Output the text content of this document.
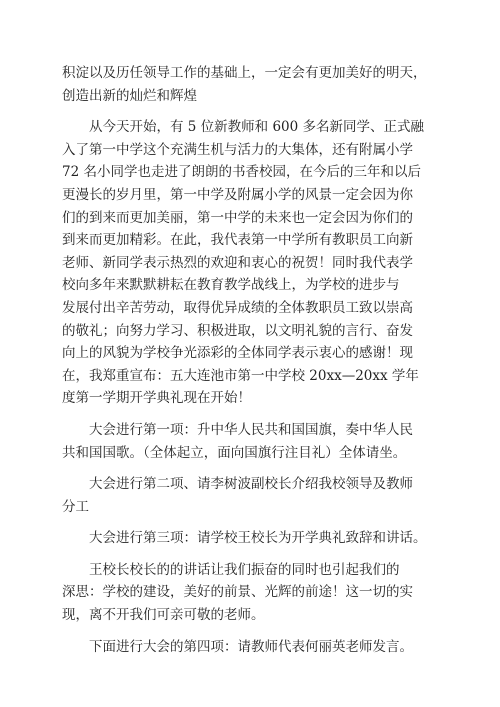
积淀以及历任领导工作的基础上，一定会有更加美好的明天，
创造出新的灿烂和辉煌

从今天开始，有 5 位新教师和 600 多名新同学、正式融
入了第一中学这个充满生机与活力的大集体，还有附属小学
72 名小同学也走进了朗朗的书香校园，在今后的三年和以后
更漫长的岁月里，第一中学及附属小学的风景一定会因为你
们的到来而更加美丽，第一中学的未来也一定会因为你们的
到来而更加精彩。在此，我代表第一中学所有教职员工向新
老师、新同学表示热烈的欢迎和衷心的祝贺！同时我代表学
校向多年来默默耕耘在教育教学战线上，为学校的进步与
发展付出辛苦劳动，取得优异成绩的全体教职员工致以崇高
的敬礼；向努力学习、积极进取，以文明礼貌的言行、奋发
向上的风貌为学校争光添彩的全体同学表示衷心的感谢！现
在，我郑重宣布：五大连池市第一中学校 20xx—20xx 学年
度第一学期开学典礼现在开始！

大会进行第一项：升中华人民共和国国旗，奏中华人民
共和国国歌。（全体起立，面向国旗行注目礼）全体请坐。

大会进行第二项、请李树波副校长介绍我校领导及教师
分工

大会进行第三项：请学校王校长为开学典礼致辞和讲话。

王校长校长的的讲话让我们振奋的同时也引起我们的
深思：学校的建设，美好的前景、光辉的前途！这一切的实
现，离不开我们可亲可敬的老师。

下面进行大会的第四项：请教师代表何丽英老师发言。
